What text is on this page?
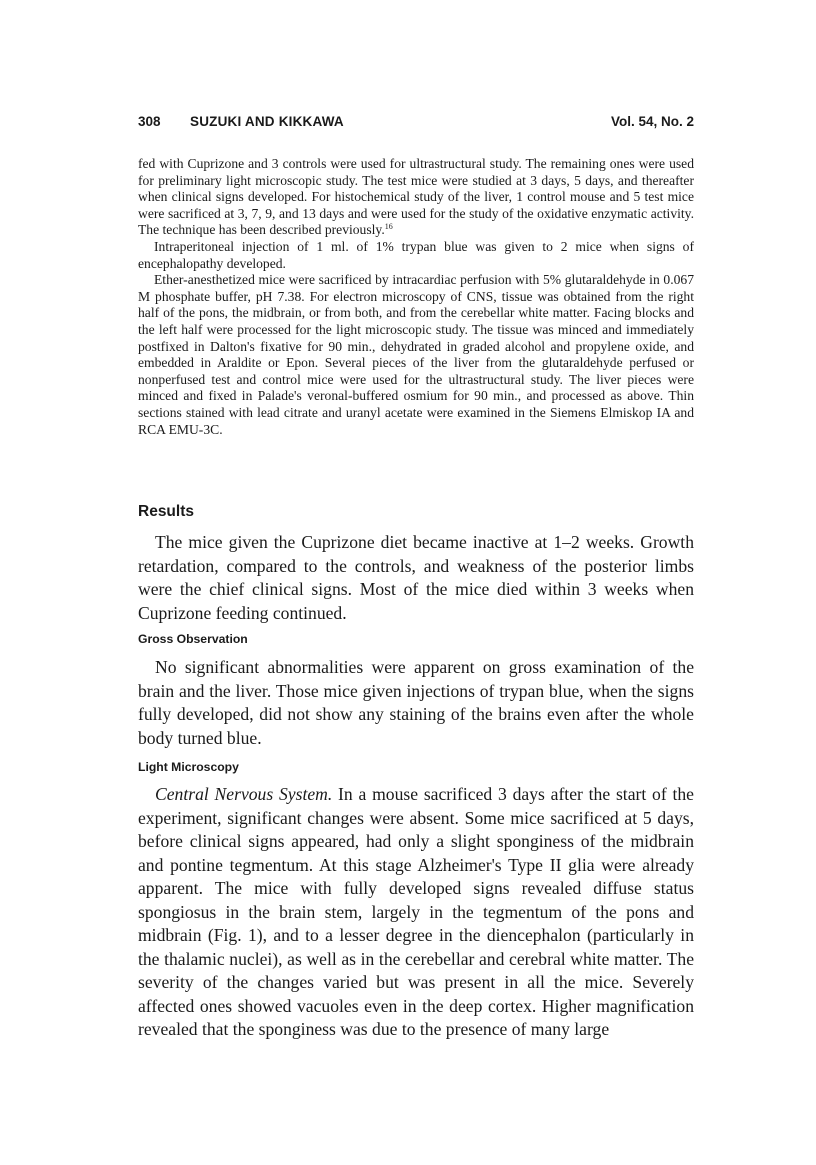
308 SUZUKI AND KIKKAWA	Vol. 54, No. 2

fed with Cuprizone and 3 controls were used for ultrastructural study. The remaining ones were used for preliminary light microscopic study. The test mice were studied at 3 days, 5 days, and thereafter when clinical signs developed. For histochemical study of the liver, 1 control mouse and 5 test mice were sacrificed at 3, 7, 9, and 13 days and were used for the study of the oxidative enzymatic activity. The technique has been described previously.$^{16}$

Intraperitoneal injection of 1 ml. of 1% trypan blue was given to 2 mice when signs of encephalopathy developed.

Ether-anesthetized mice were sacrificed by intracardiac perfusion with 5% glutaraldehyde in 0.067 M phosphate buffer, pH 7.38. For electron microscopy of CNS, tissue was obtained from the right half of the pons, the midbrain, or from both, and from the cerebellar white matter. Facing blocks and the left half were processed for the light microscopic study. The tissue was minced and immediately postfixed in Dalton's fixative for 90 min., dehydrated in graded alcohol and propylene oxide, and embedded in Araldite or Epon. Several pieces of the liver from the glutaraldehyde perfused or nonperfused test and control mice were used for the ultrastructural study. The liver pieces were minced and fixed in Palade's veronal-buffered osmium for 90 min., and processed as above. Thin sections stained with lead citrate and uranyl acetate were examined in the Siemens Elmiskop IA and RCA EMU-3C.

Results

The mice given the Cuprizone diet became inactive at 1–2 weeks. Growth retardation, compared to the controls, and weakness of the posterior limbs were the chief clinical signs. Most of the mice died within 3 weeks when Cuprizone feeding continued.

Gross Observation

No significant abnormalities were apparent on gross examination of the brain and the liver. Those mice given injections of trypan blue, when the signs fully developed, did not show any staining of the brains even after the whole body turned blue.

Light Microscopy

Central Nervous System. In a mouse sacrificed 3 days after the start of the experiment, significant changes were absent. Some mice sacrificed at 5 days, before clinical signs appeared, had only a slight sponginess of the midbrain and pontine tegmentum. At this stage Alzheimer's Type II glia were already apparent. The mice with fully developed signs revealed diffuse status spongiosus in the brain stem, largely in the tegmentum of the pons and midbrain (Fig. 1), and to a lesser degree in the diencephalon (particularly in the thalamic nuclei), as well as in the cerebellar and cerebral white matter. The severity of the changes varied but was present in all the mice. Severely affected ones showed vacuoles even in the deep cortex. Higher magnification revealed that the sponginess was due to the presence of many large
